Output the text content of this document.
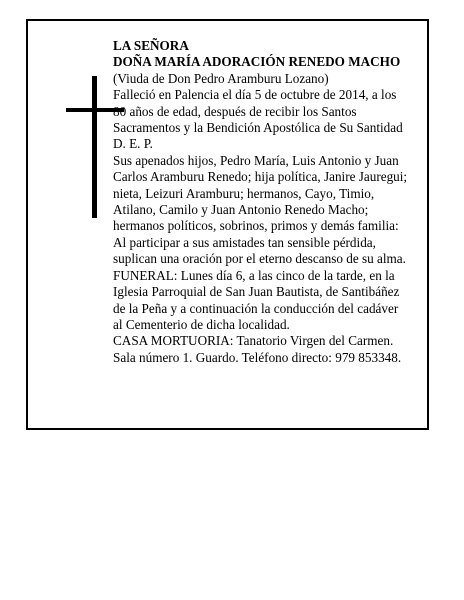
LA SEÑORA
DOÑA MARÍA ADORACIÓN RENEDO MACHO
(Viuda de Don Pedro Aramburu Lozano)
Falleció en Palencia el día 5 de octubre de 2014, a los
80 años de edad, después de recibir los Santos
Sacramentos y la Bendición Apostólica de Su Santidad
D. E. P.
Sus apenados hijos, Pedro María, Luis Antonio y Juan
Carlos Aramburu Renedo; hija política, Janire Jauregui;
nieta, Leizuri Aramburu; hermanos, Cayo, Timio,
Atilano, Camilo y Juan Antonio Renedo Macho;
hermanos políticos, sobrinos, primos y demás familia:
Al participar a sus amistades tan sensible pérdida,
suplican una oración por el eterno descanso de su alma.
FUNERAL: Lunes día 6, a las cinco de la tarde, en la
Iglesia Parroquial de San Juan Bautista, de Santibáñez
de la Peña y a continuación la conducción del cadáver
al Cementerio de dicha localidad.
CASA MORTUORIA: Tanatorio Virgen del Carmen.
Sala número 1. Guardo. Teléfono directo: 979 853348.
